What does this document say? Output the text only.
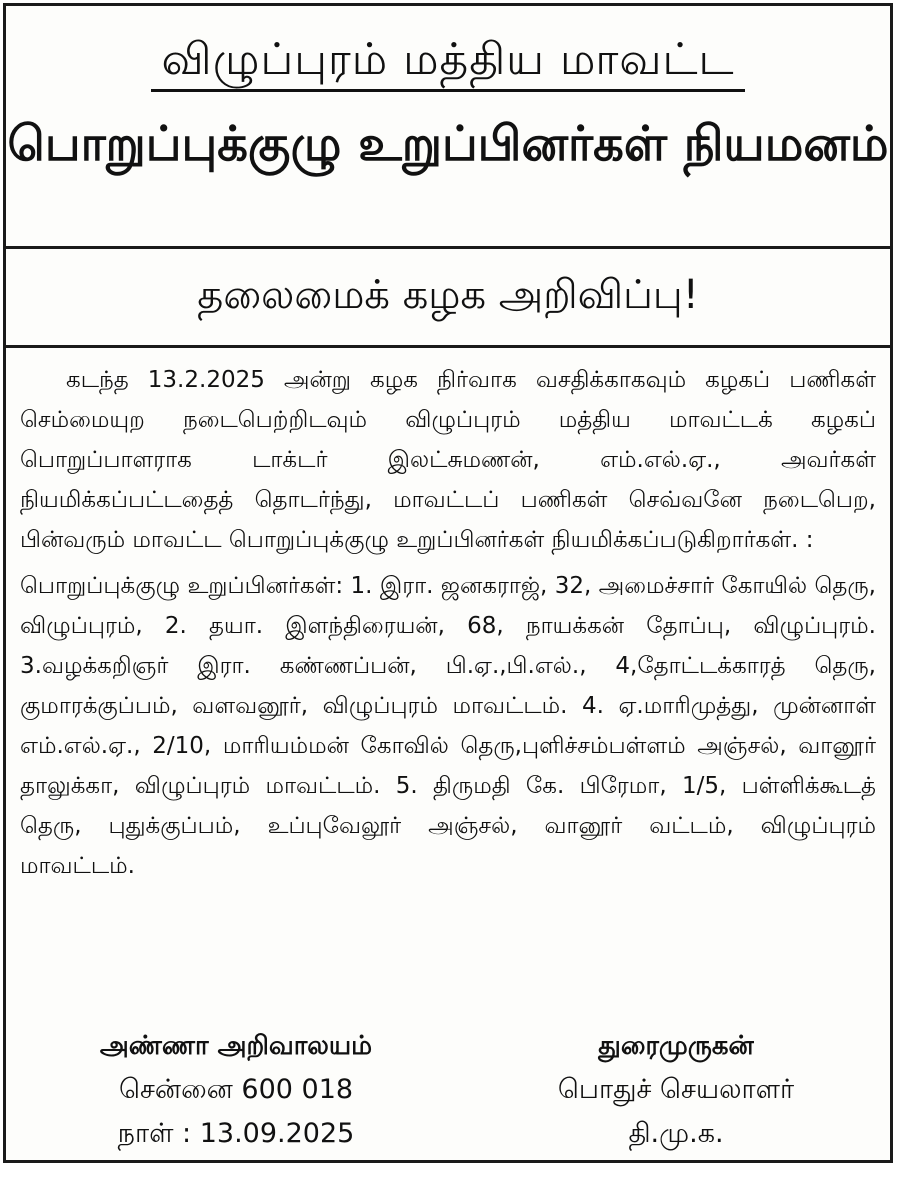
விழுப்புரம் மத்திய மாவட்ட
பொறுப்புக்குழு உறுப்பினர்கள் நியமனம்
தலைமைக் கழக அறிவிப்பு!

கடந்த 13.2.2025 அன்று கழக நிர்வாக வசதிக்காகவும் கழகப் பணிகள் செம்மையுற நடைபெற்றிடவும் விழுப்புரம் மத்திய மாவட்டக் கழகப் பொறுப்பாளராக டாக்டர் இலட்சுமணன், எம்.எல்.ஏ., அவர்கள் நியமிக்கப்பட்டதைத் தொடர்ந்து, மாவட்டப் பணிகள் செவ்வனே நடைபெற, பின்வரும் மாவட்ட பொறுப்புக்குழு உறுப்பினர்கள் நியமிக்கப்படுகிறார்கள். :

பொறுப்புக்குழு உறுப்பினர்கள்: 1. இரா. ஜனகராஜ், 32, அமைச்சார் கோயில் தெரு, விழுப்புரம், 2. தயா. இளந்திரையன், 68, நாயக்கன் தோப்பு, விழுப்புரம். 3.வழக்கறிஞர் இரா. கண்ணப்பன், பி.ஏ.,பி.எல்., 4,தோட்டக்காரத் தெரு, குமாரக்குப்பம், வளவனூர், விழுப்புரம் மாவட்டம். 4. ஏ.மாரிமுத்து, முன்னாள் எம்.எல்.ஏ., 2/10, மாரியம்மன் கோவில் தெரு,புளிச்சம்பள்ளம் அஞ்சல், வானூர் தாலுக்கா, விழுப்புரம் மாவட்டம். 5. திருமதி கே. பிரேமா, 1/5, பள்ளிக்கூடத் தெரு, புதுக்குப்பம், உப்புவேலூர் அஞ்சல், வானூர் வட்டம், விழுப்புரம் மாவட்டம்.

அண்ணா அறிவாலயம்
சென்னை 600 018
நாள் : 13.09.2025
துரைமுருகன்
பொதுச் செயலாளர்
தி.மு.க.
